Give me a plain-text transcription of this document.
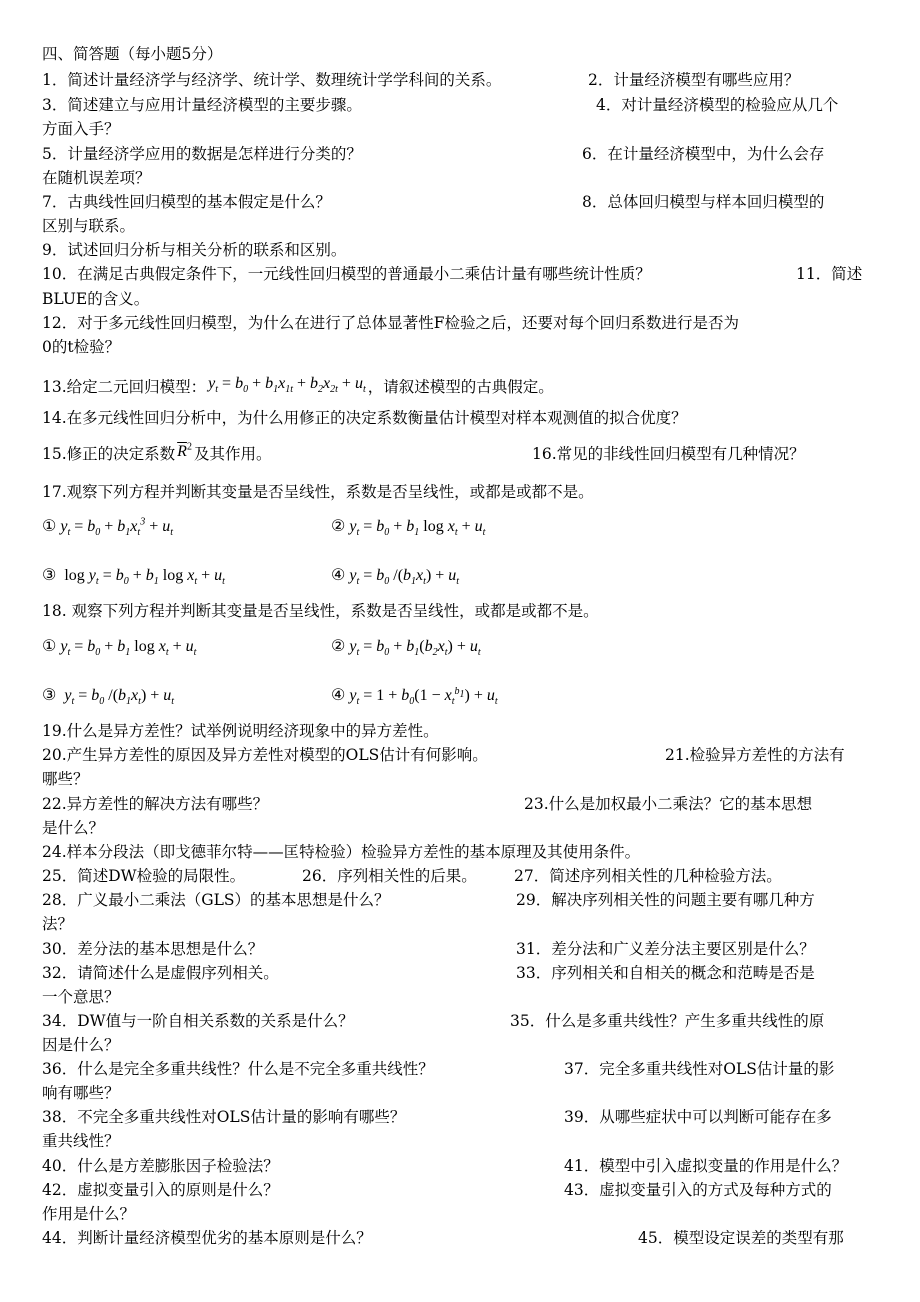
四、简答题（每小题5分）
1．简述计量经济学与经济学、统计学、数理统计学学科间的关系。	2．计量经济模型有哪些应用？
3．简述建立与应用计量经济模型的主要步骤。	4．对计量经济模型的检验应从几个
方面入手？
5．计量经济学应用的数据是怎样进行分类的？	6．在计量经济模型中，为什么会存
在随机误差项？
7．古典线性回归模型的基本假定是什么？	8．总体回归模型与样本回归模型的
区别与联系。
9．试述回归分析与相关分析的联系和区别。
10．在满足古典假定条件下，一元线性回归模型的普通最小二乘估计量有哪些统计性质？	11．简述
BLUE的含义。
12．对于多元线性回归模型，为什么在进行了总体显著性F检验之后，还要对每个回归系数进行是否为
0的t检验？
13.给定二元回归模型： $y_t = b_0 + b_1x_{1t} + b_2x_{2t} + u_t$ ，请叙述模型的古典假定。
14.在多元线性回归分析中，为什么用修正的决定系数衡量估计模型对样本观测值的拟合优度？
15.修正的决定系数 $\overline{R}^2$ 及其作用。	16.常见的非线性回归模型有几种情况？
17.观察下列方程并判断其变量是否呈线性，系数是否呈线性，或都是或都不是。
① $y_t = b_0 + b_1x_t^3 + u_t$	② $y_t = b_0 + b_1$ $\log x_t + u_t$
③  $\log y_t = b_0 + b_1$ $\log x_t + u_t$	④ $y_t = b_0$ $/(b_1x_t) + u_t$
18. 观察下列方程并判断其变量是否呈线性，系数是否呈线性，或都是或都不是。
① $y_t = b_0 + b_1$ $\log x_t + u_t$	② $y_t = b_0 + b_1(b_2x_t) + u_t$
③  $y_t = b_0$ $/(b_1x_t) + u_t$	④ $y_t = 1 + b_0(1 - x_t^{b_1}) + u_t$
19.什么是异方差性？试举例说明经济现象中的异方差性。
20.产生异方差性的原因及异方差性对模型的OLS估计有何影响。	21.检验异方差性的方法有
哪些？
22.异方差性的解决方法有哪些？	23.什么是加权最小二乘法？它的基本思想
是什么？
24.样本分段法（即戈德菲尔特——匡特检验）检验异方差性的基本原理及其使用条件。
25．简述DW检验的局限性。	26．序列相关性的后果。 27．简述序列相关性的几种检验方法。
28．广义最小二乘法（GLS）的基本思想是什么？	29．解决序列相关性的问题主要有哪几种方
法？
30．差分法的基本思想是什么？	31．差分法和广义差分法主要区别是什么？
32．请简述什么是虚假序列相关。	33．序列相关和自相关的概念和范畴是否是
一个意思？
34．DW值与一阶自相关系数的关系是什么？	35．什么是多重共线性？产生多重共线性的原
因是什么？
36．什么是完全多重共线性？什么是不完全多重共线性？	37．完全多重共线性对OLS估计量的影
响有哪些？
38．不完全多重共线性对OLS估计量的影响有哪些？	39．从哪些症状中可以判断可能存在多
重共线性？
40．什么是方差膨胀因子检验法？	41．模型中引入虚拟变量的作用是什么？
42．虚拟变量引入的原则是什么？	43．虚拟变量引入的方式及每种方式的
作用是什么？
44．判断计量经济模型优劣的基本原则是什么？	45．模型设定误差的类型有那
